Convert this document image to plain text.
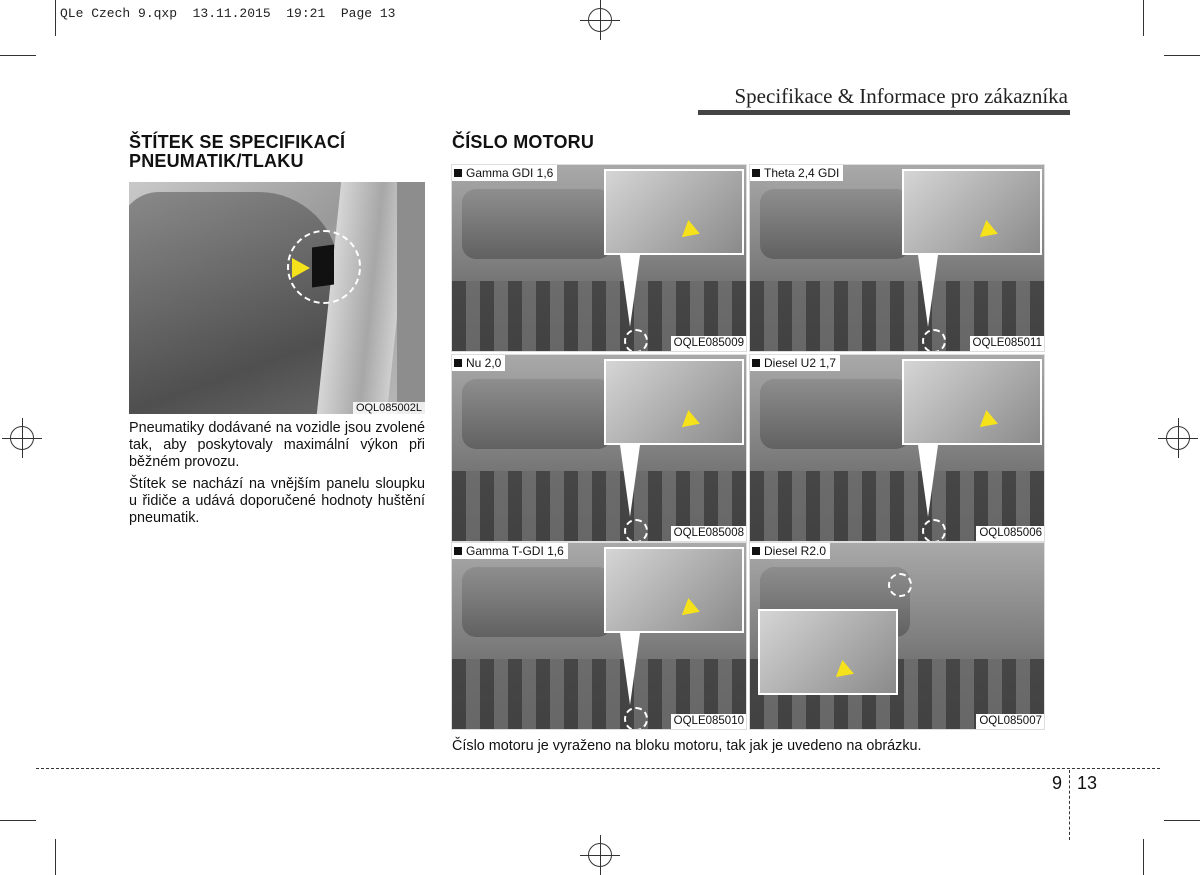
QLe Czech 9.qxp  13.11.2015  19:21  Page 13
Specifikace & Informace pro zákazníka
ŠTÍTEK SE SPECIFIKACÍ PNEUMATIK/TLAKU
OQL085002L

Pneumatiky dodávané na vozidle jsou zvolené tak, aby poskytovaly maximální výkon při běžném provozu.

Štítek se nachází na vnějším panelu sloupku u řidiče a udává doporučené hodnoty huštění pneumatik.

ČÍSLO MOTORU
Gamma GDI 1,6
OQLE085009
Theta 2,4 GDI
OQLE085011
Nu 2,0
OQLE085008
Diesel U2 1,7
OQL085006
Gamma T-GDI 1,6
OQLE085010
Diesel R2.0
OQL085007
Číslo motoru je vyraženo na bloku motoru, tak jak je uvedeno na obrázku.
9 13
